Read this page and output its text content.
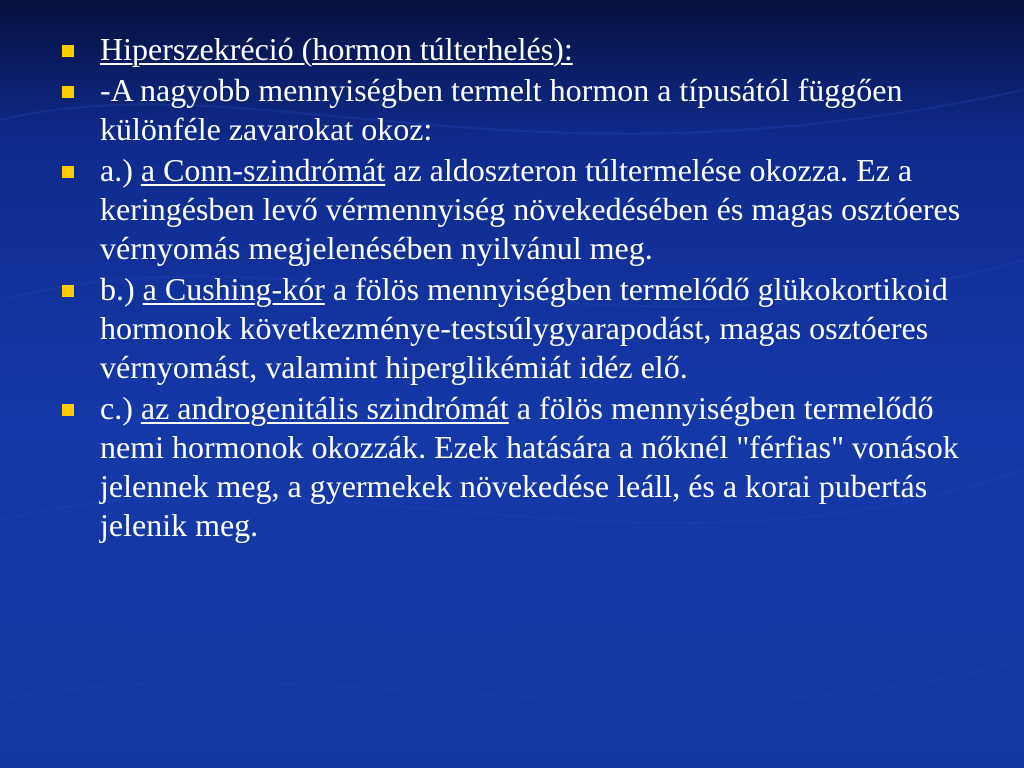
Hiperszekréció (hormon túlterhelés):
-A nagyobb mennyiségben termelt hormon a típusától függően különféle zavarokat okoz:
a.) a Conn-szindrómát az aldoszteron túltermelése okozza. Ez a keringésben levő vérmennyiség növekedésében és magas osztóeres vérnyomás megjelenésében nyilvánul meg.
b.) a Cushing-kór a fölös mennyiségben termelődő glükokortikoid hormonok következménye-testsúlygyarapodást, magas osztóeres vérnyomást, valamint hiperglikémiát idéz elő.
c.) az androgenitális szindrómát a fölös mennyiségben termelődő nemi hormonok okozzák. Ezek hatására a nőknél "férfias" vonások jelennek meg, a gyermekek növekedése leáll, és a korai pubertás jelenik meg.
